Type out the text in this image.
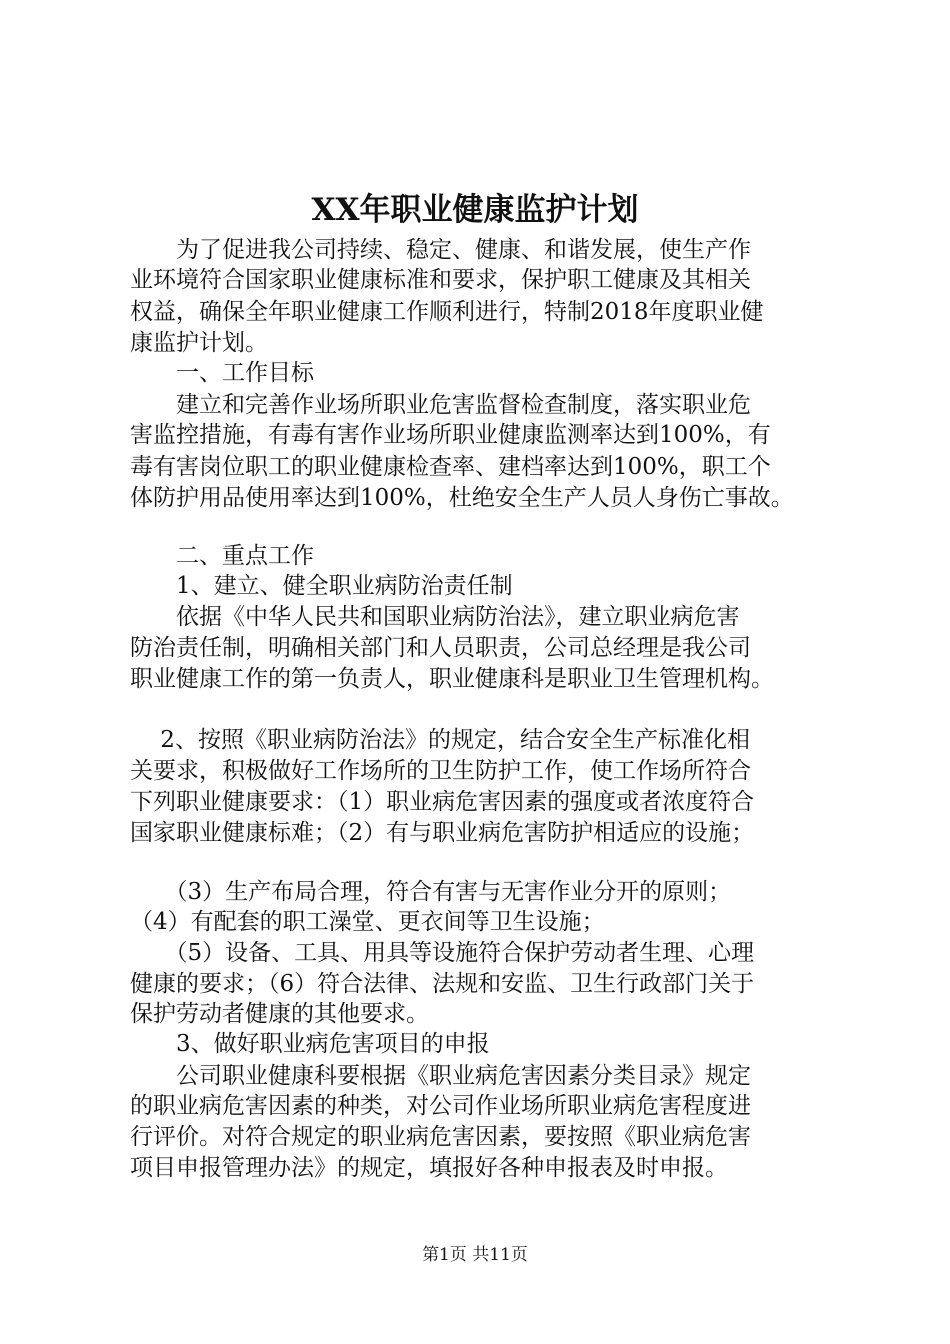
XX年职业健康监护计划
　　为了促进我公司持续、稳定、健康、和谐发展，使生产作
业环境符合国家职业健康标准和要求，保护职工健康及其相关
权益，确保全年职业健康工作顺利进行，特制2018年度职业健
康监护计划。
　　一、工作目标
　　建立和完善作业场所职业危害监督检查制度，落实职业危
害监控措施，有毒有害作业场所职业健康监测率达到100%，有
毒有害岗位职工的职业健康检查率、建档率达到100%，职工个
体防护用品使用率达到100%，杜绝安全生产人员人身伤亡事故。
　　二、重点工作
　　1、建立、健全职业病防治责任制
　　依据《中华人民共和国职业病防治法》，建立职业病危害
防治责任制，明确相关部门和人员职责，公司总经理是我公司
职业健康工作的第一负责人，职业健康科是职业卫生管理机构。
　 2、按照《职业病防治法》的规定，结合安全生产标准化相
关要求，积极做好工作场所的卫生防护工作，使工作场所符合
下列职业健康要求：（1）职业病危害因素的强度或者浓度符合
国家职业健康标难；（2）有与职业病危害防护相适应的设施；
　　（3）生产布局合理，符合有害与无害作业分开的原则；
（4）有配套的职工澡堂、更衣间等卫生设施；
　　（5）设备、工具、用具等设施符合保护劳动者生理、心理
健康的要求；（6）符合法律、法规和安监、卫生行政部门关于
保护劳动者健康的其他要求。
　　3、做好职业病危害项目的申报
　　公司职业健康科要根据《职业病危害因素分类目录》规定
的职业病危害因素的种类，对公司作业场所职业病危害程度进
行评价。对符合规定的职业病危害因素，要按照《职业病危害
项目申报管理办法》的规定，填报好各种申报表及时申报。
第1页 共11页
